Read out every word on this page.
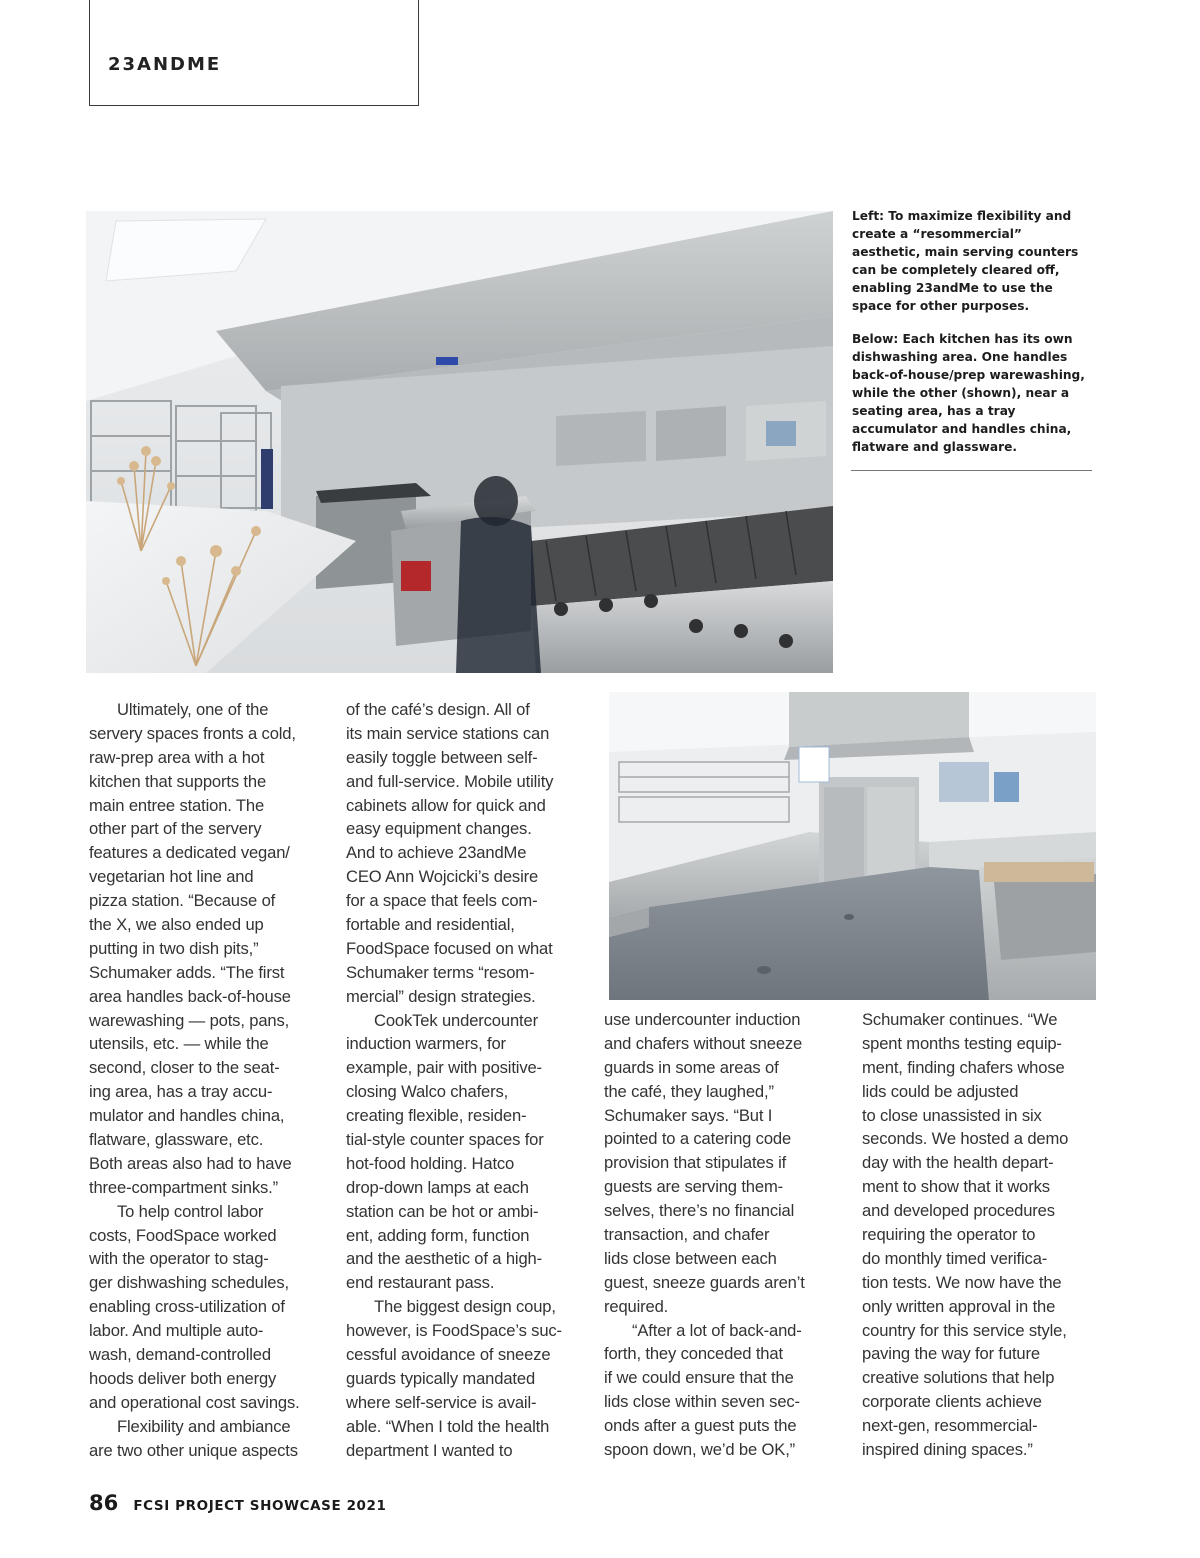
23ANDME

Left: To maximize flexibility and create a “resommercial” aesthetic, main serving counters can be completely cleared off, enabling 23andMe to use the space for other purposes.

Below: Each kitchen has its own dishwashing area. One handles back-of-house/prep warewashing, while the other (shown), near a seating area, has a tray accumulator and handles china, flatware and glassware.

Ultimately, one of the
servery spaces fronts a cold,
raw-prep area with a hot
kitchen that supports the
main entree station. The
other part of the servery
features a dedicated vegan/
vegetarian hot line and
pizza station. “Because of
the X, we also ended up
putting in two dish pits,”
Schumaker adds. “The first
area handles back-of-house
warewashing — pots, pans,
utensils, etc. — while the
second, closer to the seat-
ing area, has a tray accu-
mulator and handles china,
flatware, glassware, etc.
Both areas also had to have
three-compartment sinks.”
To help control labor
costs, FoodSpace worked
with the operator to stag-
ger dishwashing schedules,
enabling cross-utilization of
labor. And multiple auto-
wash, demand-controlled
hoods deliver both energy
and operational cost savings.
Flexibility and ambiance
are two other unique aspects
of the café’s design. All of
its main service stations can
easily toggle between self-
and full-service. Mobile utility
cabinets allow for quick and
easy equipment changes.
And to achieve 23andMe
CEO Ann Wojcicki’s desire
for a space that feels com-
fortable and residential,
FoodSpace focused on what
Schumaker terms “resom-
mercial” design strategies.
CookTek undercounter
induction warmers, for
example, pair with positive-
closing Walco chafers,
creating flexible, residen-
tial-style counter spaces for
hot-food holding. Hatco
drop-down lamps at each
station can be hot or ambi-
ent, adding form, function
and the aesthetic of a high-
end restaurant pass.
The biggest design coup,
however, is FoodSpace’s suc-
cessful avoidance of sneeze
guards typically mandated
where self-service is avail-
able. “When I told the health
department I wanted to
use undercounter induction
and chafers without sneeze
guards in some areas of
the café, they laughed,”
Schumaker says. “But I
pointed to a catering code
provision that stipulates if
guests are serving them-
selves, there’s no financial
transaction, and chafer
lids close between each
guest, sneeze guards aren’t
required.
“After a lot of back-and-
forth, they conceded that
if we could ensure that the
lids close within seven sec-
onds after a guest puts the
spoon down, we’d be OK,”
Schumaker continues. “We
spent months testing equip-
ment, finding chafers whose
lids could be adjusted
to close unassisted in six
seconds. We hosted a demo
day with the health depart-
ment to show that it works
and developed procedures
requiring the operator to
do monthly timed verifica-
tion tests. We now have the
only written approval in the
country for this service style,
paving the way for future
creative solutions that help
corporate clients achieve
next-gen, resommercial-
inspired dining spaces.”
86 FCSI PROJECT SHOWCASE 2021
